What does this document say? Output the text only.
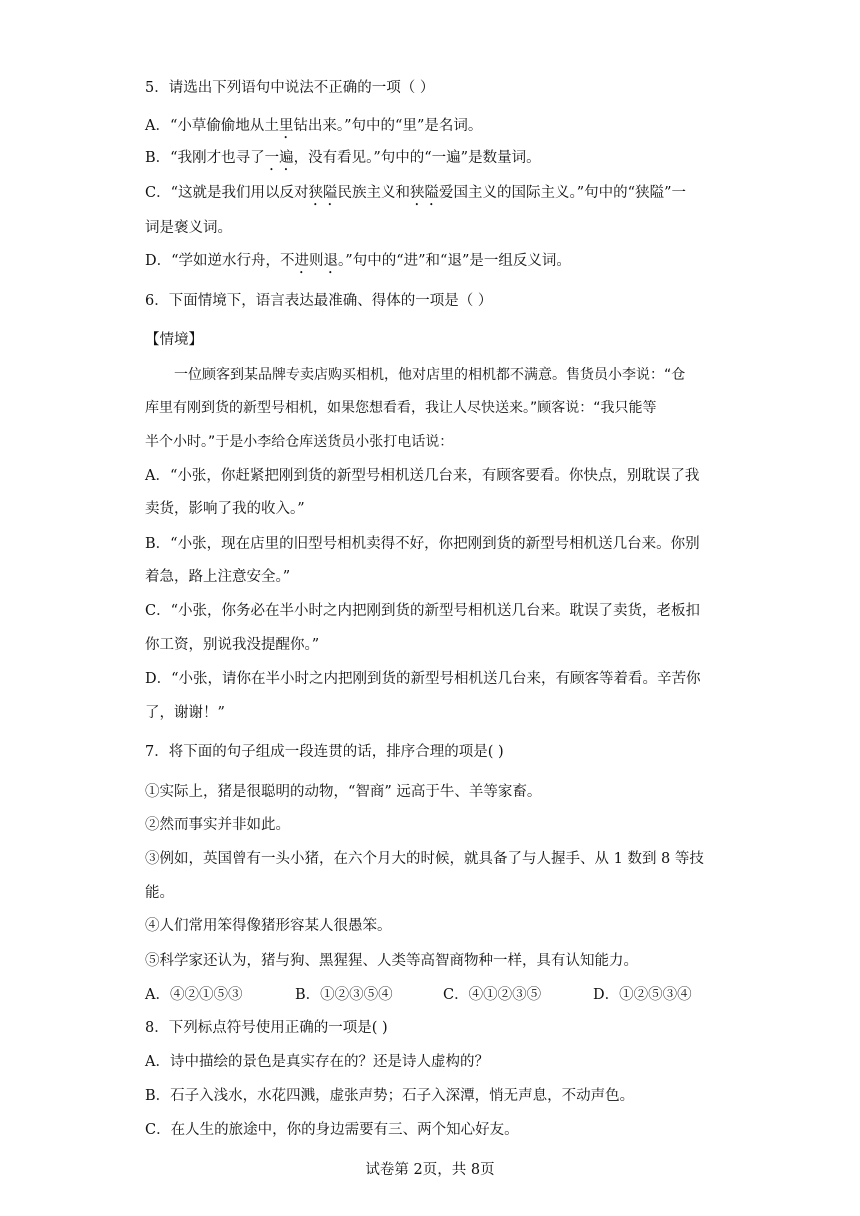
5．请选出下列语句中说法不正确的一项（ ）
A．“小草偷偷地从土里钻出来。”句中的“里”是名词。
B．“我刚才也寻了一遍，没有看见。”句中的“一遍”是数量词。
C．“这就是我们用以反对狭隘民族主义和狭隘爱国主义的国际主义。”句中的“狭隘”一
词是褒义词。
D．“学如逆水行舟，不进则退。”句中的“进”和“退”是一组反义词。
6．下面情境下，语言表达最准确、得体的一项是（ ）
【情境】
一位顾客到某品牌专卖店购买相机，他对店里的相机都不满意。售货员小李说：“仓
库里有刚到货的新型号相机，如果您想看看，我让人尽快送来。”顾客说：“我只能等
半个小时。”于是小李给仓库送货员小张打电话说：
A．“小张，你赶紧把刚到货的新型号相机送几台来，有顾客要看。你快点，别耽误了我
卖货，影响了我的收入。”
B．“小张，现在店里的旧型号相机卖得不好，你把刚到货的新型号相机送几台来。你别
着急，路上注意安全。”
C．“小张，你务必在半小时之内把刚到货的新型号相机送几台来。耽误了卖货，老板扣
你工资，别说我没提醒你。”
D．“小张，请你在半小时之内把刚到货的新型号相机送几台来，有顾客等着看。辛苦你
了，谢谢！”
7．将下面的句子组成一段连贯的话，排序合理的项是( )
①实际上，猪是很聪明的动物，“智商” 远高于牛、羊等家畜。
②然而事实并非如此。
③例如，英国曾有一头小猪，在六个月大的时候，就具备了与人握手、从 1 数到 8 等技
能。
④人们常用笨得像猪形容某人很愚笨。
⑤科学家还认为，猪与狗、黑猩猩、人类等高智商物种一样，具有认知能力。
A．④②①⑤③	B．①②③⑤④	C．④①②③⑤	D．①②⑤③④
8．下列标点符号使用正确的一项是( )
A．诗中描绘的景色是真实存在的？还是诗人虚构的？
B．石子入浅水，水花四溅，虚张声势；石子入深潭，悄无声息，不动声色。
C．在人生的旅途中，你的身边需要有三、两个知心好友。
试卷第 2页，共 8页
